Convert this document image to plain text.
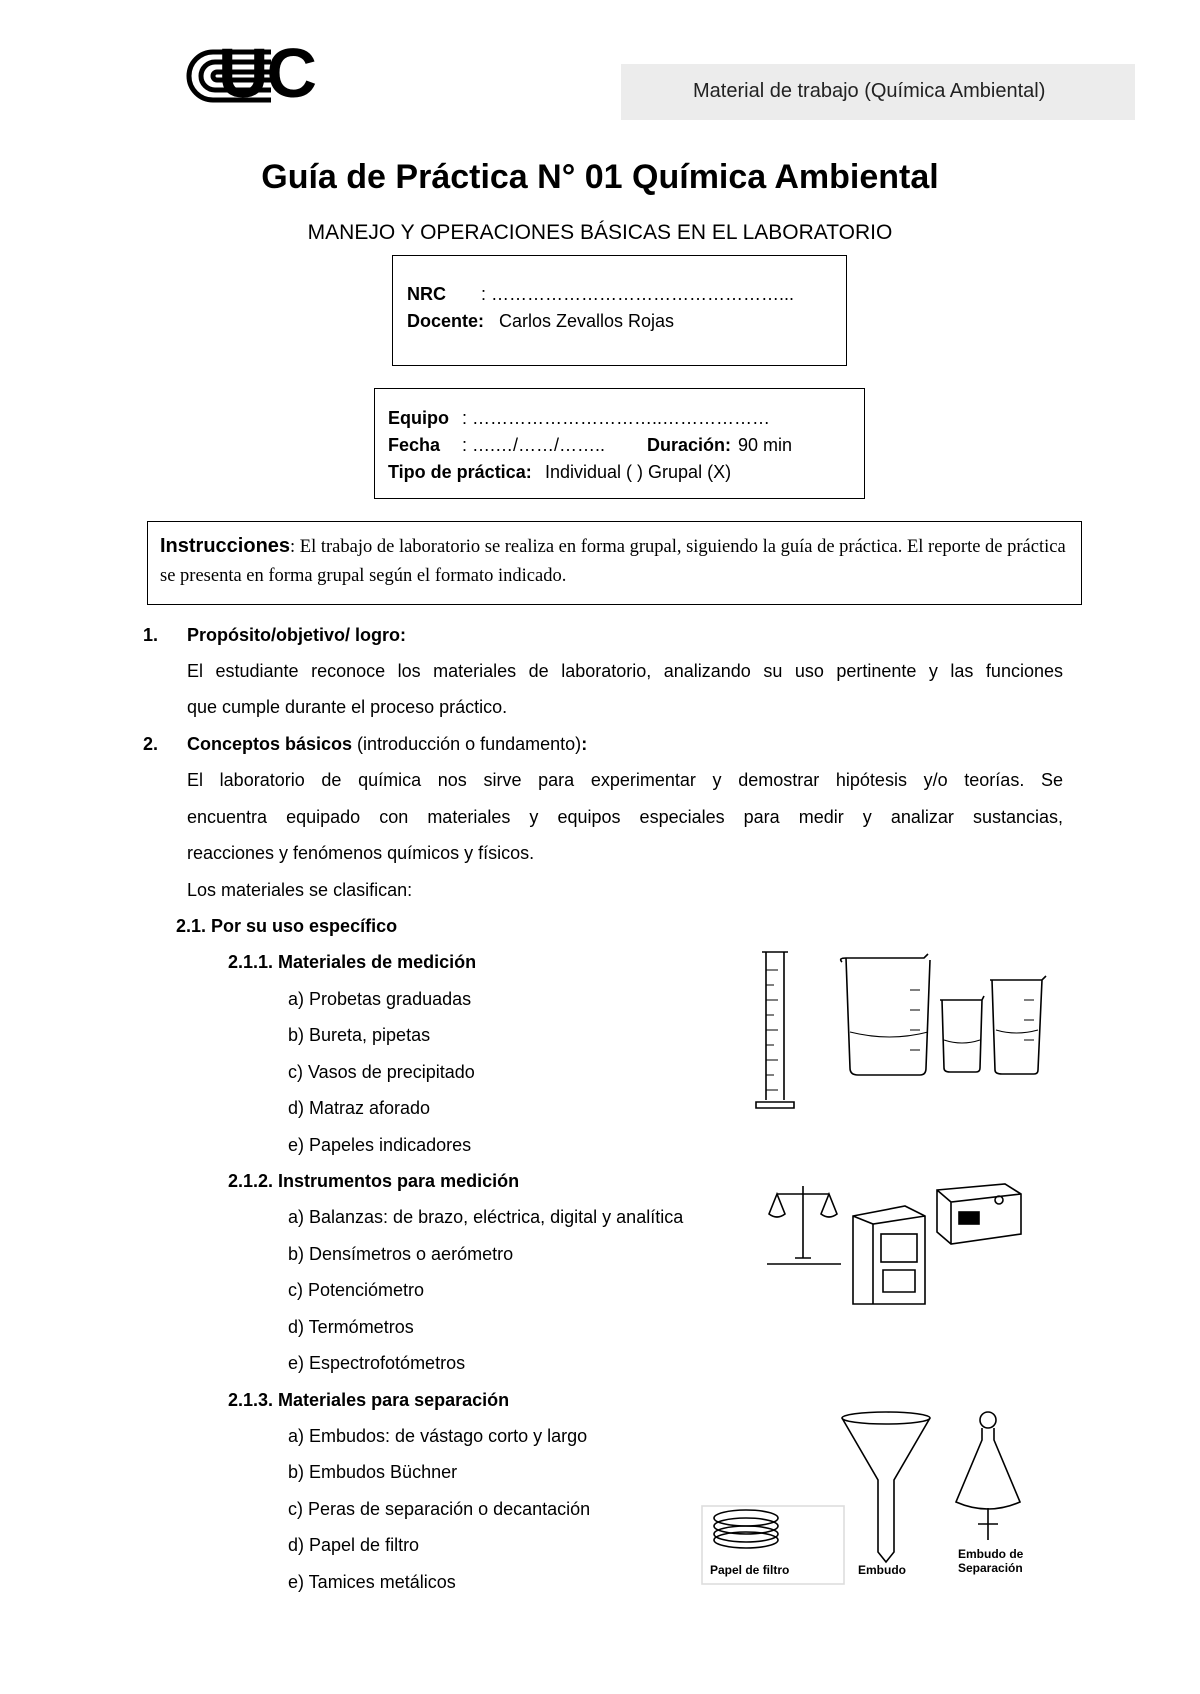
UC	Material de trabajo (Química Ambiental)
Guía de Práctica N° 01 Química Ambiental
MANEJO Y OPERACIONES BÁSICAS EN EL LABORATORIO
NRC : …………………………………………...
Docente: Carlos Zevallos Rojas
Equipo : …………………………..………………
Fecha : ….…/……/…….. Duración: 90 min
Tipo de práctica: Individual ( ) Grupal (X)

Instrucciones: El trabajo de laboratorio se realiza en forma grupal, siguiendo la guía de práctica. El reporte de práctica se presenta en forma grupal según el formato indicado.

1. Propósito/objetivo/ logro:
El estudiante reconoce los materiales de laboratorio, analizando su uso pertinente y las funciones
que cumple durante el proceso práctico.
2. Conceptos básicos (introducción o fundamento):
El laboratorio de química nos sirve para experimentar y demostrar hipótesis y/o teorías. Se
encuentra equipado con materiales y equipos especiales para medir y analizar sustancias,
reacciones y fenómenos químicos y físicos.
Los materiales se clasifican:
2.1. Por su uso específico
2.1.1. Materiales de medición
a) Probetas graduadas
b) Bureta, pipetas
c) Vasos de precipitado
d) Matraz aforado
e) Papeles indicadores
2.1.2. Instrumentos para medición
a) Balanzas: de brazo, eléctrica, digital y analítica
b) Densímetros o aerómetro
c) Potenciómetro
d) Termómetros
e) Espectrofotómetros
2.1.3. Materiales para separación
a) Embudos: de vástago corto y largo
b) Embudos Büchner
c) Peras de separación o decantación
d) Papel de filtro
e) Tamices metálicos
Papel de filtro	Embudo
Embudo de
Separación
